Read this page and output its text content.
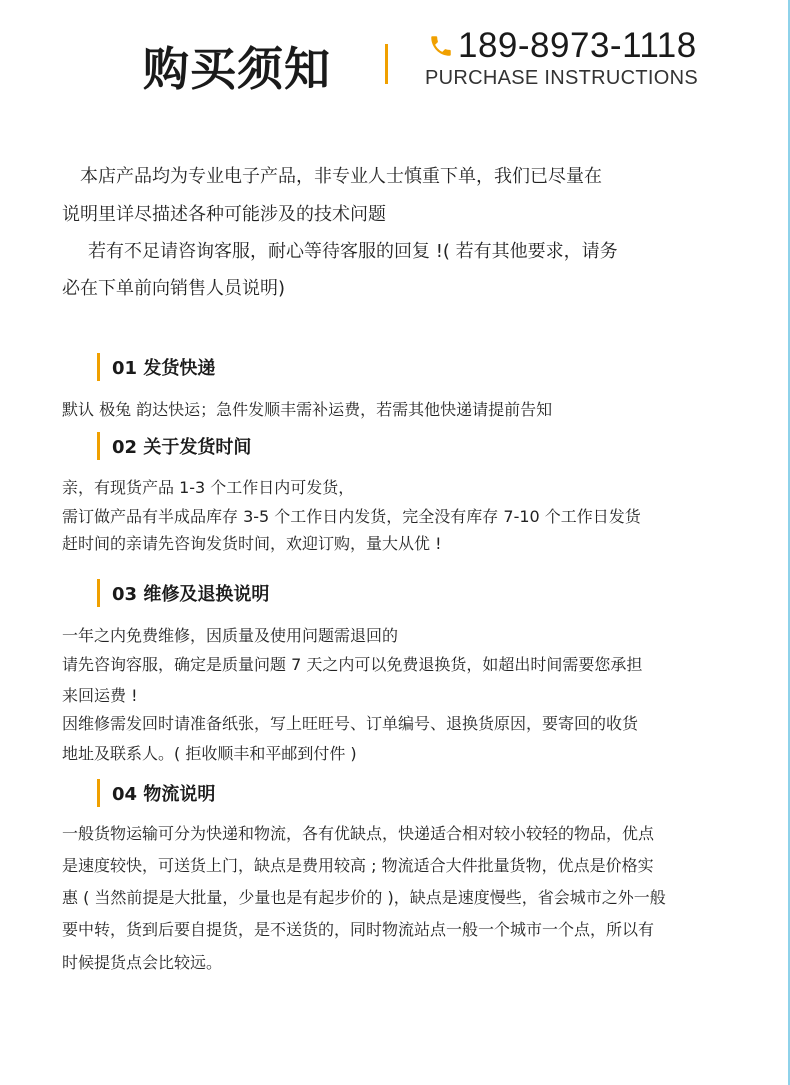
购买须知	189-8973-1118
PURCHASE INSTRUCTIONS
本店产品均为专业电子产品，非专业人士慎重下单，我们已尽量在
说明里详尽描述各种可能涉及的技术问题
若有不足请咨询客服，耐心等待客服的回复 !( 若有其他要求，请务
必在下单前向销售人员说明)
01 发货快递
默认 极兔 韵达快运；急件发顺丰需补运费，若需其他快递请提前告知
02 关于发货时间
亲，有现货产品 1-3 个工作日内可发货，
需订做产品有半成品库存 3-5 个工作日内发货，完全没有库存 7-10 个工作日发货
赶时间的亲请先咨询发货时间，欢迎订购，量大从优 !
03 维修及退换说明
一年之内免费维修，因质量及使用问题需退回的
请先咨询容服，确定是质量问题 7 天之内可以免费退换货，如超出时间需要您承担
来回运费 !
因维修需发回时请准备纸张，写上旺旺号、订单编号、退换货原因，要寄回的收货
地址及联系人。( 拒收顺丰和平邮到付件 )
04 物流说明
一般货物运输可分为快递和物流，各有优缺点，快递适合相对较小较轻的物品，优点
是速度较快，可送货上门，缺点是费用较高 ; 物流适合大件批量货物，优点是价格实
惠 ( 当然前提是大批量，少量也是有起步价的 )，缺点是速度慢些，省会城市之外一般
要中转，货到后要自提货，是不送货的，同时物流站点一般一个城市一个点，所以有
时候提货点会比较远。
